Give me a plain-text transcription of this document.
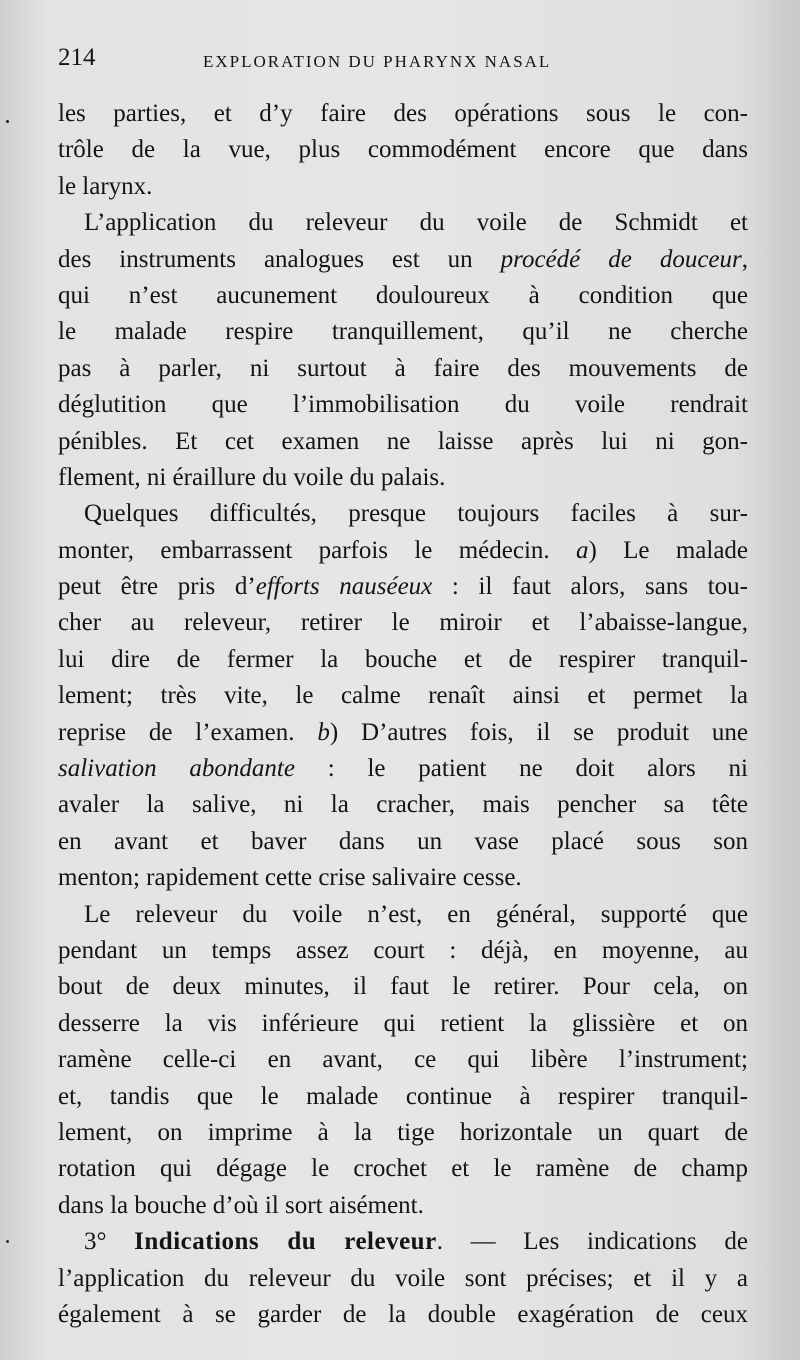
214	EXPLORATION DU PHARYNX NASAL
les parties, et d’y faire des opérations sous le con-
trôle de la vue, plus commodément encore que dans
le larynx.
L’application du releveur du voile de Schmidt et
des instruments analogues est un procédé de douceur,
qui n’est aucunement douloureux à condition que
le malade respire tranquillement, qu’il ne cherche
pas à parler, ni surtout à faire des mouvements de
déglutition que l’immobilisation du voile rendrait
pénibles. Et cet examen ne laisse après lui ni gon-
flement, ni éraillure du voile du palais.
Quelques difficultés, presque toujours faciles à sur-
monter, embarrassent parfois le médecin. a) Le malade
peut être pris d’efforts nauséeux : il faut alors, sans tou-
cher au releveur, retirer le miroir et l’abaisse-langue,
lui dire de fermer la bouche et de respirer tranquil-
lement; très vite, le calme renaît ainsi et permet la
reprise de l’examen. b) D’autres fois, il se produit une
salivation abondante : le patient ne doit alors ni
avaler la salive, ni la cracher, mais pencher sa tête
en avant et baver dans un vase placé sous son
menton; rapidement cette crise salivaire cesse.
Le releveur du voile n’est, en général, supporté que
pendant un temps assez court : déjà, en moyenne, au
bout de deux minutes, il faut le retirer. Pour cela, on
desserre la vis inférieure qui retient la glissière et on
ramène celle-ci en avant, ce qui libère l’instrument;
et, tandis que le malade continue à respirer tranquil-
lement, on imprime à la tige horizontale un quart de
rotation qui dégage le crochet et le ramène de champ
dans la bouche d’où il sort aisément.
3° Indications du releveur. — Les indications de
l’application du releveur du voile sont précises; et il y a
également à se garder de la double exagération de ceux
